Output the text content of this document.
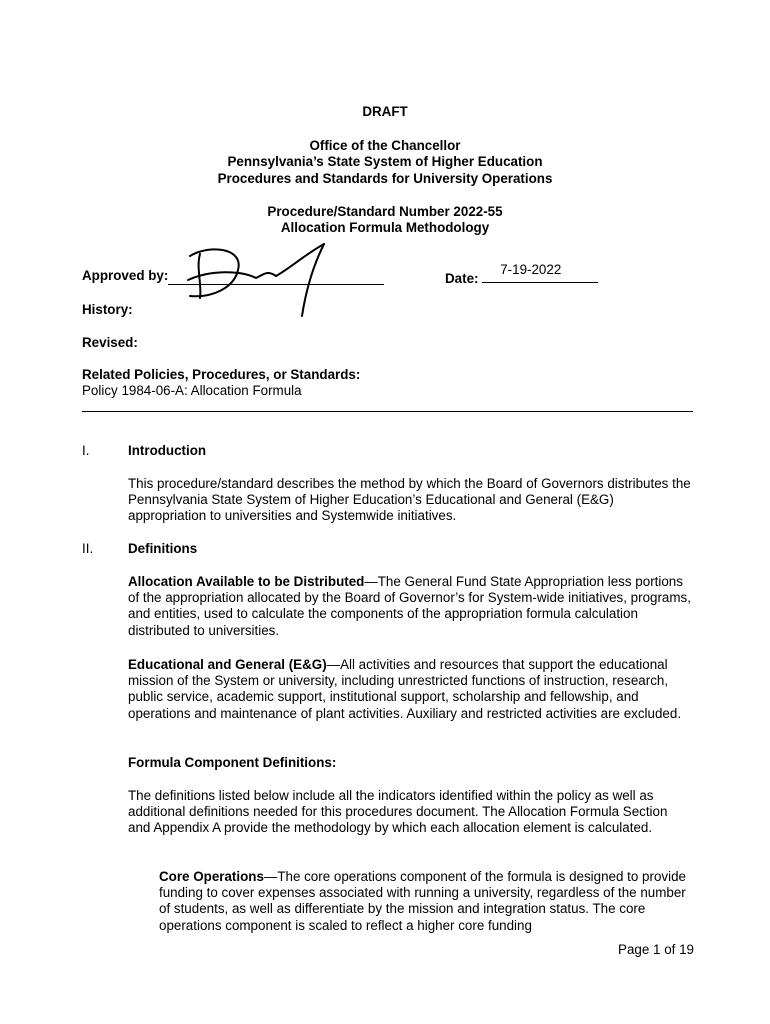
DRAFT
Office of the Chancellor
Pennsylvania’s State System of Higher Education
Procedures and Standards for University Operations
Procedure/Standard Number 2022-55
Allocation Formula Methodology
Approved by:	Date:
7-19-2022
History:
Revised:
Related Policies, Procedures, or Standards:
Policy 1984-06-A: Allocation Formula
I.	Introduction
This procedure/standard describes the method by which the Board of Governors distributes the Pennsylvania State System of Higher Education’s Educational and General (E&G) appropriation to universities and Systemwide initiatives.
II.	Definitions
Allocation Available to be Distributed—The General Fund State Appropriation less portions of the appropriation allocated by the Board of Governor’s for System-wide initiatives, programs, and entities, used to calculate the components of the appropriation formula calculation distributed to universities.
Educational and General (E&G)—All activities and resources that support the educational mission of the System or university, including unrestricted functions of instruction, research, public service, academic support, institutional support, scholarship and fellowship, and operations and maintenance of plant activities. Auxiliary and restricted activities are excluded.
Formula Component Definitions:
The definitions listed below include all the indicators identified within the policy as well as additional definitions needed for this procedures document. The Allocation Formula Section and Appendix A provide the methodology by which each allocation element is calculated.
Core Operations—The core operations component of the formula is designed to provide funding to cover expenses associated with running a university, regardless of the number of students, as well as differentiate by the mission and integration status. The core operations component is scaled to reflect a higher core funding
Page 1 of 19
